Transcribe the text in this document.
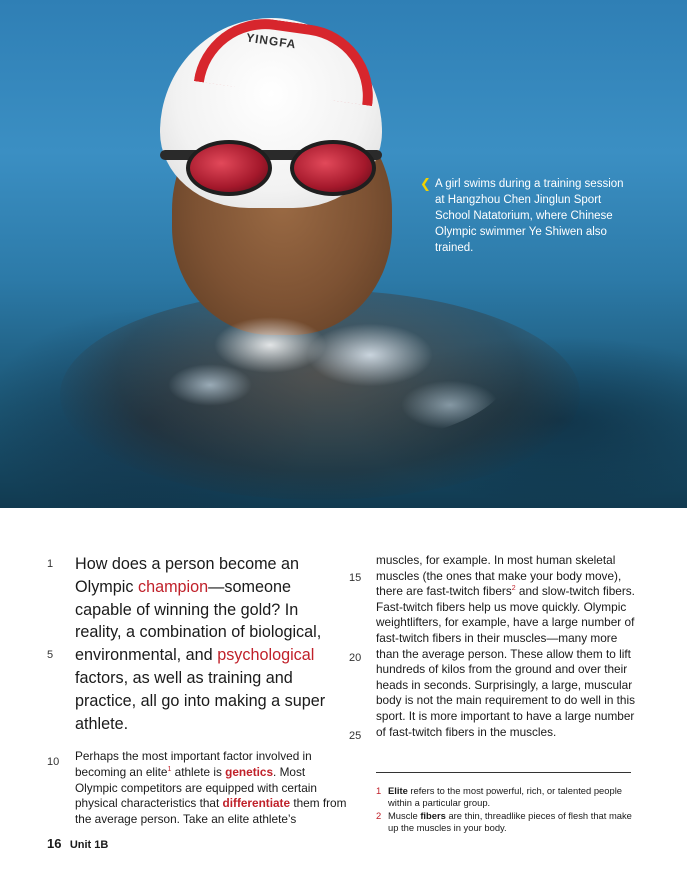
YINGFA
❮ A girl swims during a training session at Hangzhou Chen Jinglun Sport School Natatorium, where Chinese Olympic swimmer Ye Shiwen also trained.
1
5
10
15
20
25

How does a person become an Olympic champion—someone capable of winning the gold? In reality, a combination of biological, environmental, and psychological factors, as well as training and practice, all go into making a super athlete.

Perhaps the most important factor involved in becoming an elite$^1$ athlete is genetics. Most Olympic competitors are equipped with certain physical characteristics that differentiate them from the average person. Take an elite athlete’s

muscles, for example. In most human skeletal muscles (the ones that make your body move), there are fast-twitch fibers$^2$ and slow-twitch fibers. Fast-twitch fibers help us move quickly. Olympic weightlifters, for example, have a large number of fast-twitch fibers in their muscles—many more than the average person. These allow them to lift hundreds of kilos from the ground and over their heads in seconds. Surprisingly, a large, muscular body is not the main requirement to do well in this sport. It is more important to have a large number of fast-twitch fibers in the muscles.

1 Elite refers to the most powerful, rich, or talented people within a particular group.
2 Muscle fibers are thin, threadlike pieces of flesh that make up the muscles in your body.
16 Unit 1B
